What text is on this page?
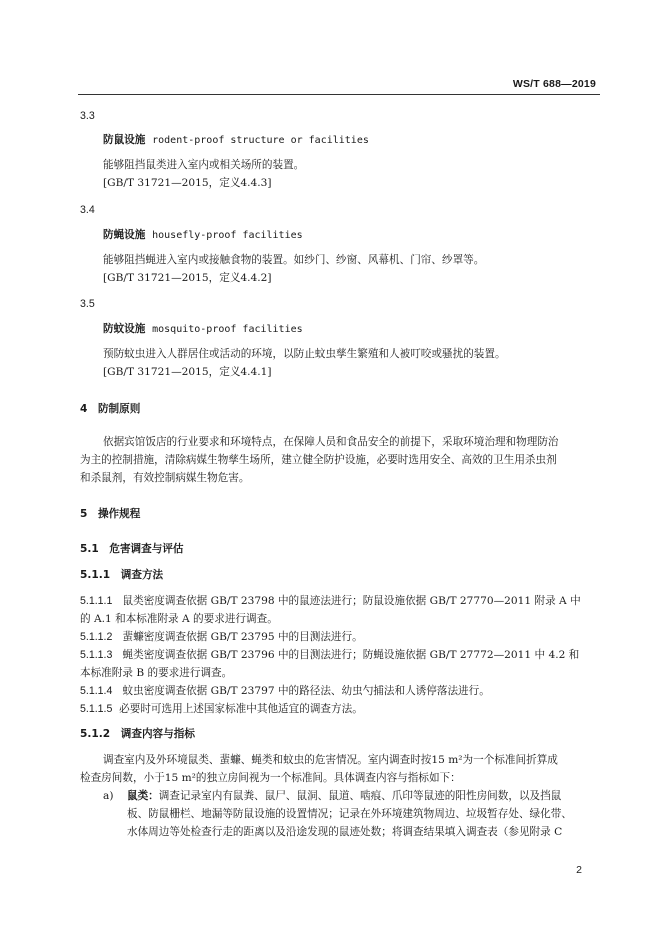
WS/T 688—2019
3.3
防鼠设施 rodent-proof structure or facilities
能够阻挡鼠类进入室内或相关场所的装置。
[GB/T 31721—2015，定义4.4.3]
3.4
防蝇设施 housefly-proof facilities
能够阻挡蝇进入室内或接触食物的装置。如纱门、纱窗、风幕机、门帘、纱罩等。
[GB/T 31721—2015，定义4.4.2]
3.5
防蚊设施 mosquito-proof facilities
预防蚊虫进入人群居住或活动的环境，以防止蚊虫孳生繁殖和人被叮咬或骚扰的装置。
[GB/T 31721—2015，定义4.4.1]
4　防制原则
依据宾馆饭店的行业要求和环境特点，在保障人员和食品安全的前提下，采取环境治理和物理防治
为主的控制措施，清除病媒生物孳生场所，建立健全防护设施，必要时选用安全、高效的卫生用杀虫剂
和杀鼠剂，有效控制病媒生物危害。
5　操作规程
5.1　危害调查与评估
5.1.1　调查方法
5.1.1.1 鼠类密度调查依据 GB/T 23798 中的鼠迹法进行；防鼠设施依据 GB/T 27770—2011 附录 A 中
的 A.1 和本标准附录 A 的要求进行调查。
5.1.1.2 蜚蠊密度调查依据 GB/T 23795 中的目测法进行。
5.1.1.3 蝇类密度调查依据 GB/T 23796 中的目测法进行；防蝇设施依据 GB/T 27772—2011 中 4.2 和
本标准附录 B 的要求进行调查。
5.1.1.4 蚊虫密度调查依据 GB/T 23797 中的路径法、幼虫勺捕法和人诱停落法进行。
5.1.1.5 必要时可选用上述国家标准中其他适宜的调查方法。
5.1.2　调查内容与指标
调查室内及外环境鼠类、蜚蠊、蝇类和蚊虫的危害情况。室内调查时按15 m²为一个标准间折算成
检查房间数，小于15 m²的独立房间视为一个标准间。具体调查内容与指标如下：
a) 鼠类：调查记录室内有鼠粪、鼠尸、鼠洞、鼠道、啮痕、爪印等鼠迹的阳性房间数，以及挡鼠
板、防鼠栅栏、地漏等防鼠设施的设置情况；记录在外环境建筑物周边、垃圾暂存处、绿化带、
水体周边等处检查行走的距离以及沿途发现的鼠迹处数；将调查结果填入调查表（参见附录 C
2
